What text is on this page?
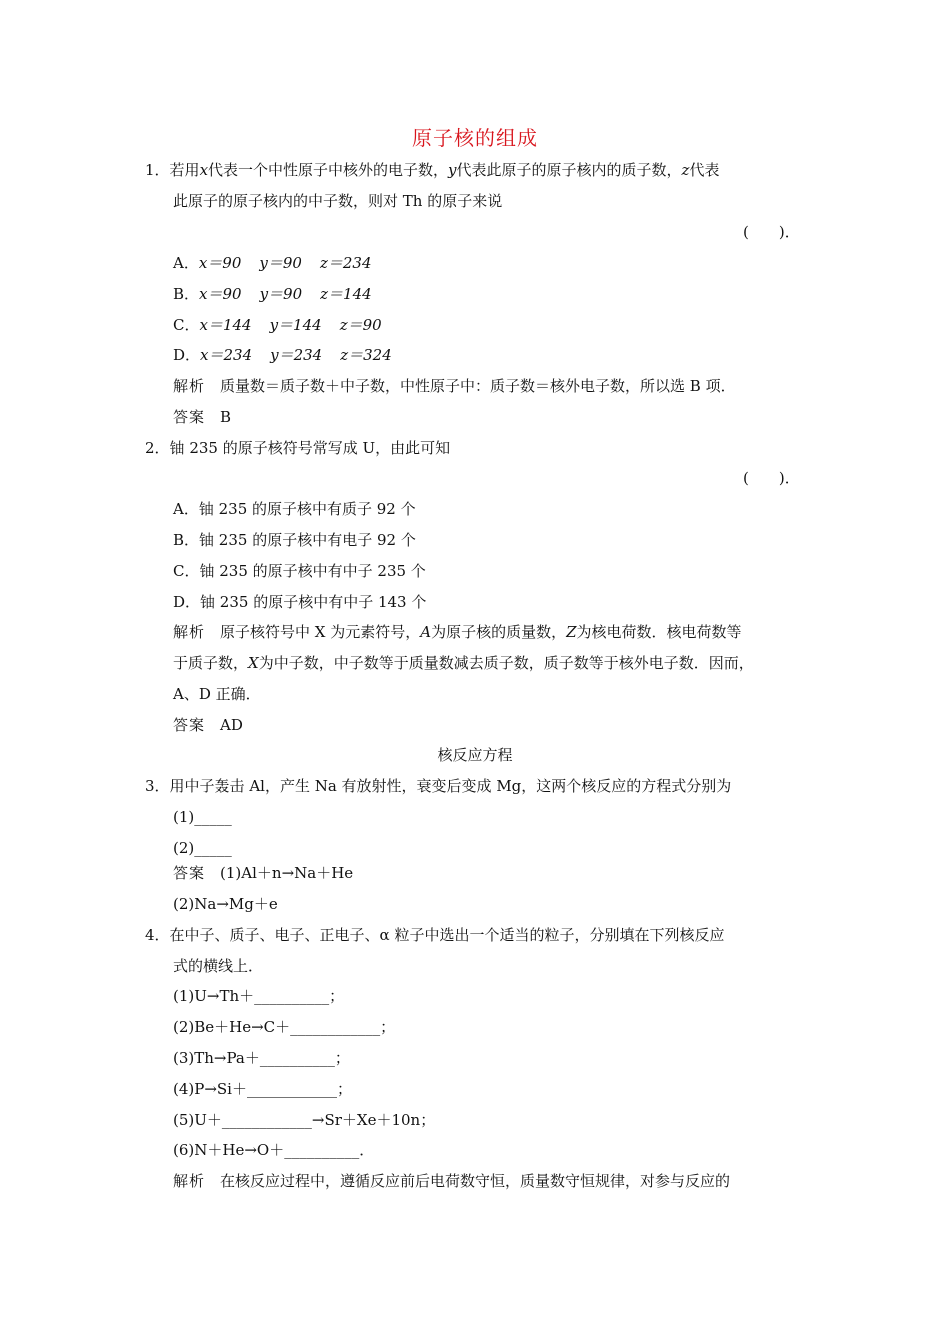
原子核的组成
1．若用x代表一个中性原子中核外的电子数，y代表此原子的原子核内的质子数，z代表
此原子的原子核内的中子数，则对 Th 的原子来说
(　　)．
A．x＝90 y＝90 z＝234
B．x＝90 y＝90 z＝144
C．x＝144 y＝144 z＝90
D．x＝234 y＝234 z＝324
解析　 质量数＝质子数＋中子数，中性原子中：质子数＝核外电子数，所以选 B 项．
答案　 B
2．铀 235 的原子核符号常写成 U，由此可知
(　　)．
A．铀 235 的原子核中有质子 92 个
B．铀 235 的原子核中有电子 92 个
C．铀 235 的原子核中有中子 235 个
D．铀 235 的原子核中有中子 143 个
解析　 原子核符号中 X 为元素符号，A为原子核的质量数，Z为核电荷数．核电荷数等
于质子数，X为中子数，中子数等于质量数减去质子数，质子数等于核外电子数．因而，
A、D 正确．
答案　 AD
核反应方程
3．用中子轰击 Al，产生 Na 有放射性，衰变后变成 Mg，这两个核反应的方程式分别为
(1)_____
(2)_____
答案　 (1)Al＋n→Na＋He
(2)Na→Mg＋e
4．在中子、质子、电子、正电子、α 粒子中选出一个适当的粒子，分别填在下列核反应
式的横线上．
(1)U→Th＋__________；
(2)Be＋He→C＋____________；
(3)Th→Pa＋__________；
(4)P→Si＋____________；
(5)U＋____________→Sr＋Xe＋10n；
(6)N＋He→O＋__________．
解析　 在核反应过程中，遵循反应前后电荷数守恒，质量数守恒规律，对参与反应的
